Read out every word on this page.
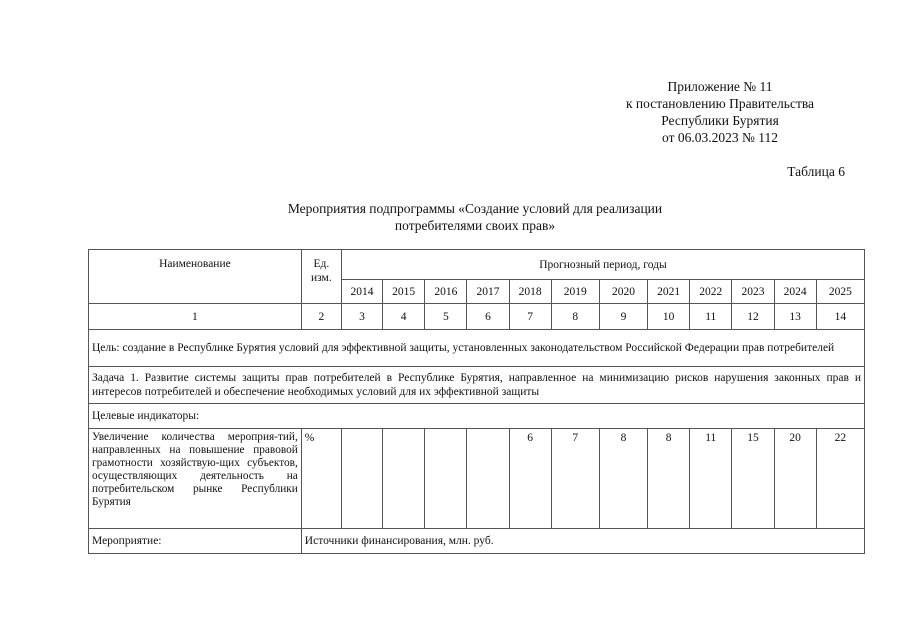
Приложение № 11
к постановлению Правительства
Республики Бурятия
от 06.03.2023 № 112
Таблица 6
Мероприятия подпрограммы «Создание условий для реализации
потребителями своих прав»
Наименование	Ед. изм.	Прогнозный период, годы											
		2014	2015	2016	2017	2018	2019	2020	2021	2022	2023	2024	2025
1	2	3	4	5	6	7	8	9	10	11	12	13	14
Цель: создание в Республике Бурятия условий для эффективной защиты, установленных законодательством Российской Федерации прав потребителей													
Задача 1. Развитие системы защиты прав потребителей в Республике Бурятия, направленное на минимизацию рисков нарушения законных прав и интересов потребителей и обеспечение необходимых условий для их эффективной защиты													
Целевые индикаторы:													
Увеличение количества мероприя-тий, направленных на повышение правовой грамотности хозяйствую-щих субъектов, осуществляющих деятельность на потребительском рынке Республики Бурятия	%					6	7	8	8	11	15	20	22
Мероприятие:	Источники финансирования, млн. руб.												
